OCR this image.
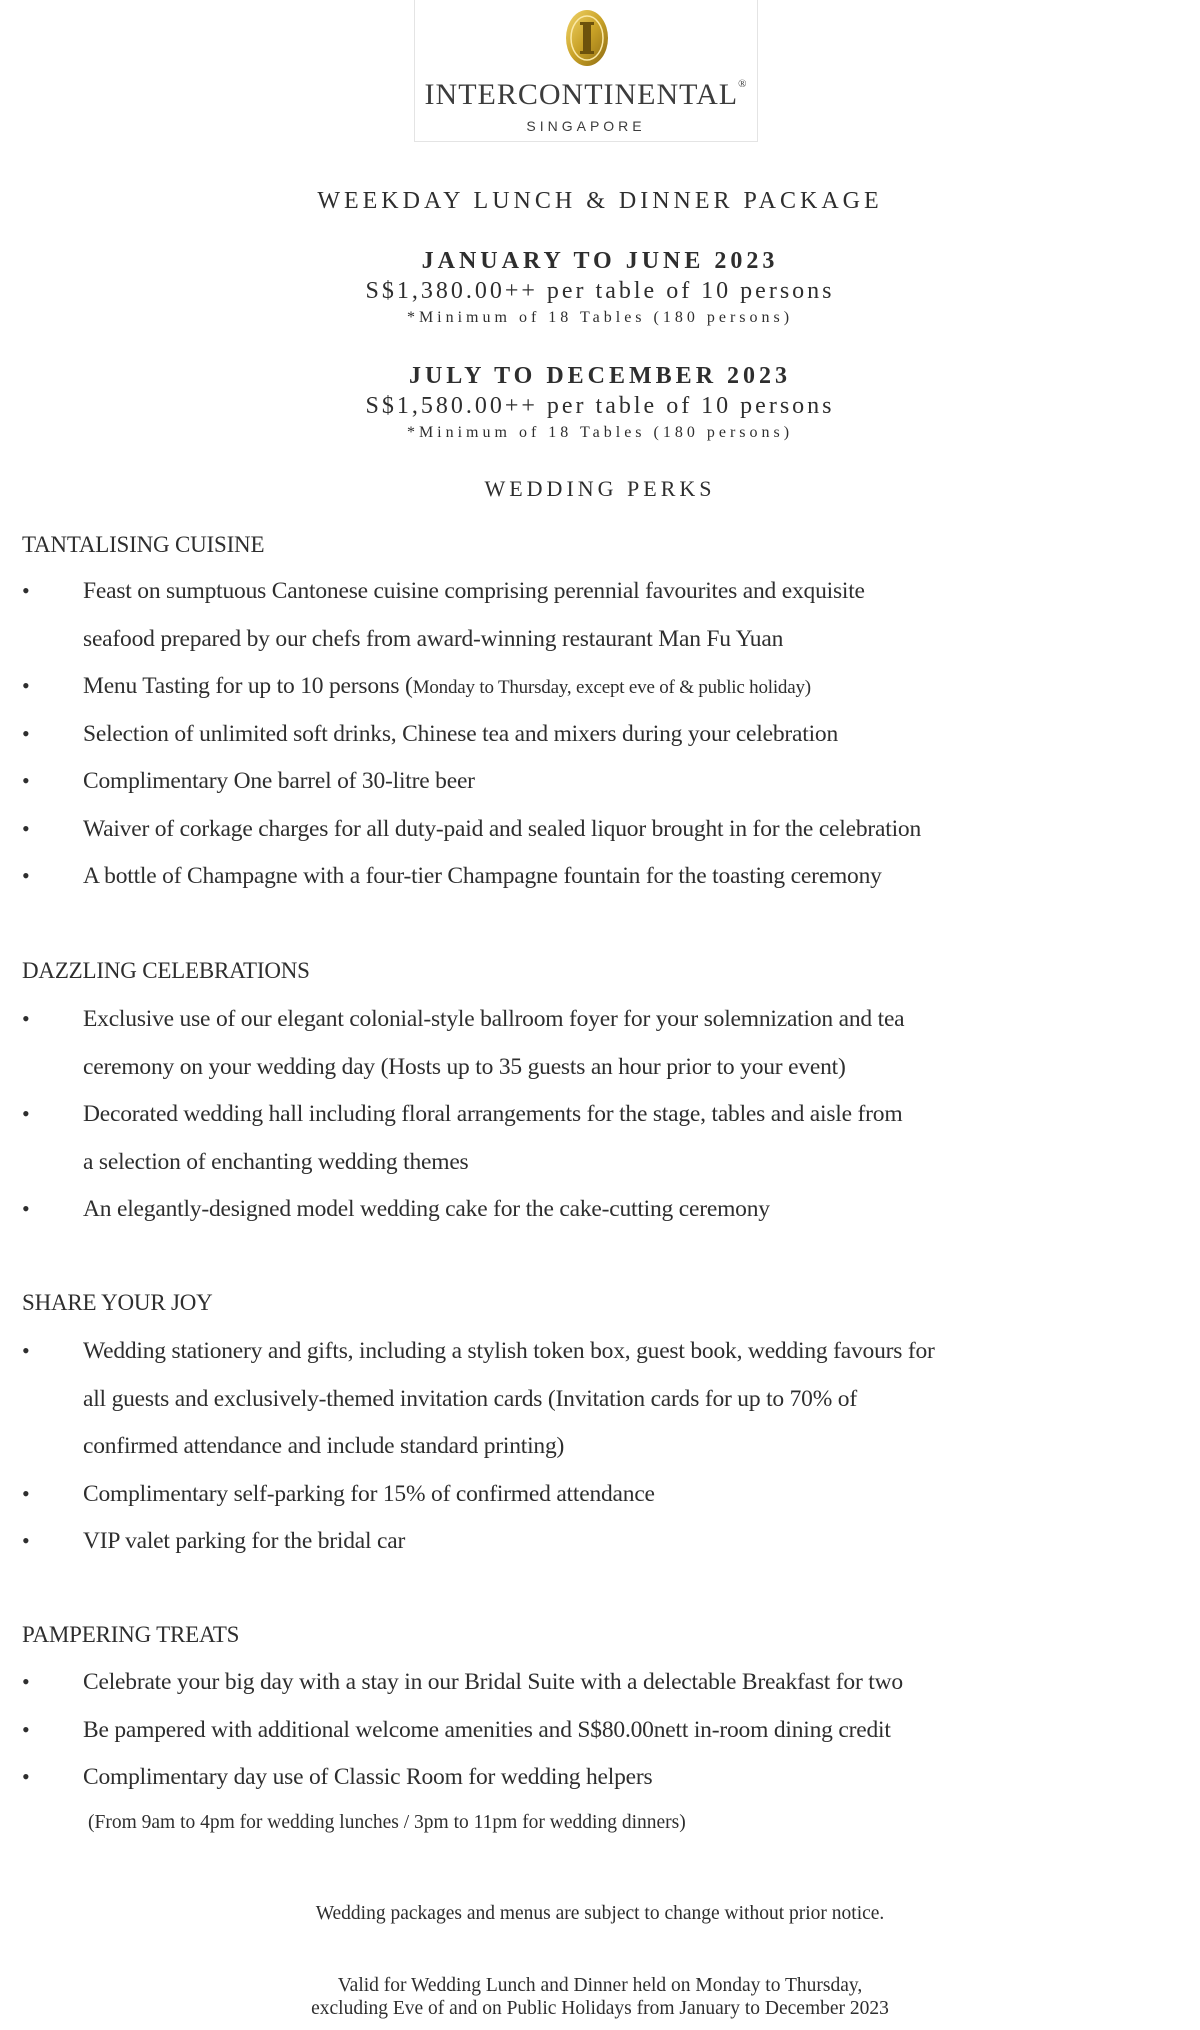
INTERCONTINENTAL®
SINGAPORE
WEEKDAY LUNCH & DINNER PACKAGE
JANUARY TO JUNE 2023
S$1,380.00++ per table of 10 persons
*Minimum of 18 Tables (180 persons)
JULY TO DECEMBER 2023
S$1,580.00++ per table of 10 persons
*Minimum of 18 Tables (180 persons)
WEDDING PERKS
TANTALISING CUISINE
• Feast on sumptuous Cantonese cuisine comprising perennial favourites and exquisite
seafood prepared by our chefs from award-winning restaurant Man Fu Yuan
• Menu Tasting for up to 10 persons (Monday to Thursday, except eve of & public holiday)
• Selection of unlimited soft drinks, Chinese tea and mixers during your celebration
• Complimentary One barrel of 30-litre beer
• Waiver of corkage charges for all duty-paid and sealed liquor brought in for the celebration
• A bottle of Champagne with a four-tier Champagne fountain for the toasting ceremony
DAZZLING CELEBRATIONS
• Exclusive use of our elegant colonial-style ballroom foyer for your solemnization and tea
ceremony on your wedding day (Hosts up to 35 guests an hour prior to your event)
• Decorated wedding hall including floral arrangements for the stage, tables and aisle from
a selection of enchanting wedding themes
• An elegantly-designed model wedding cake for the cake-cutting ceremony
SHARE YOUR JOY
• Wedding stationery and gifts, including a stylish token box, guest book, wedding favours for
all guests and exclusively-themed invitation cards (Invitation cards for up to 70% of
confirmed attendance and include standard printing)
• Complimentary self-parking for 15% of confirmed attendance
• VIP valet parking for the bridal car
PAMPERING TREATS
• Celebrate your big day with a stay in our Bridal Suite with a delectable Breakfast for two
• Be pampered with additional welcome amenities and S$80.00nett in-room dining credit
• Complimentary day use of Classic Room for wedding helpers
(From 9am to 4pm for wedding lunches / 3pm to 11pm for wedding dinners)
Wedding packages and menus are subject to change without prior notice.
Valid for Wedding Lunch and Dinner held on Monday to Thursday,
excluding Eve of and on Public Holidays from January to December 2023
